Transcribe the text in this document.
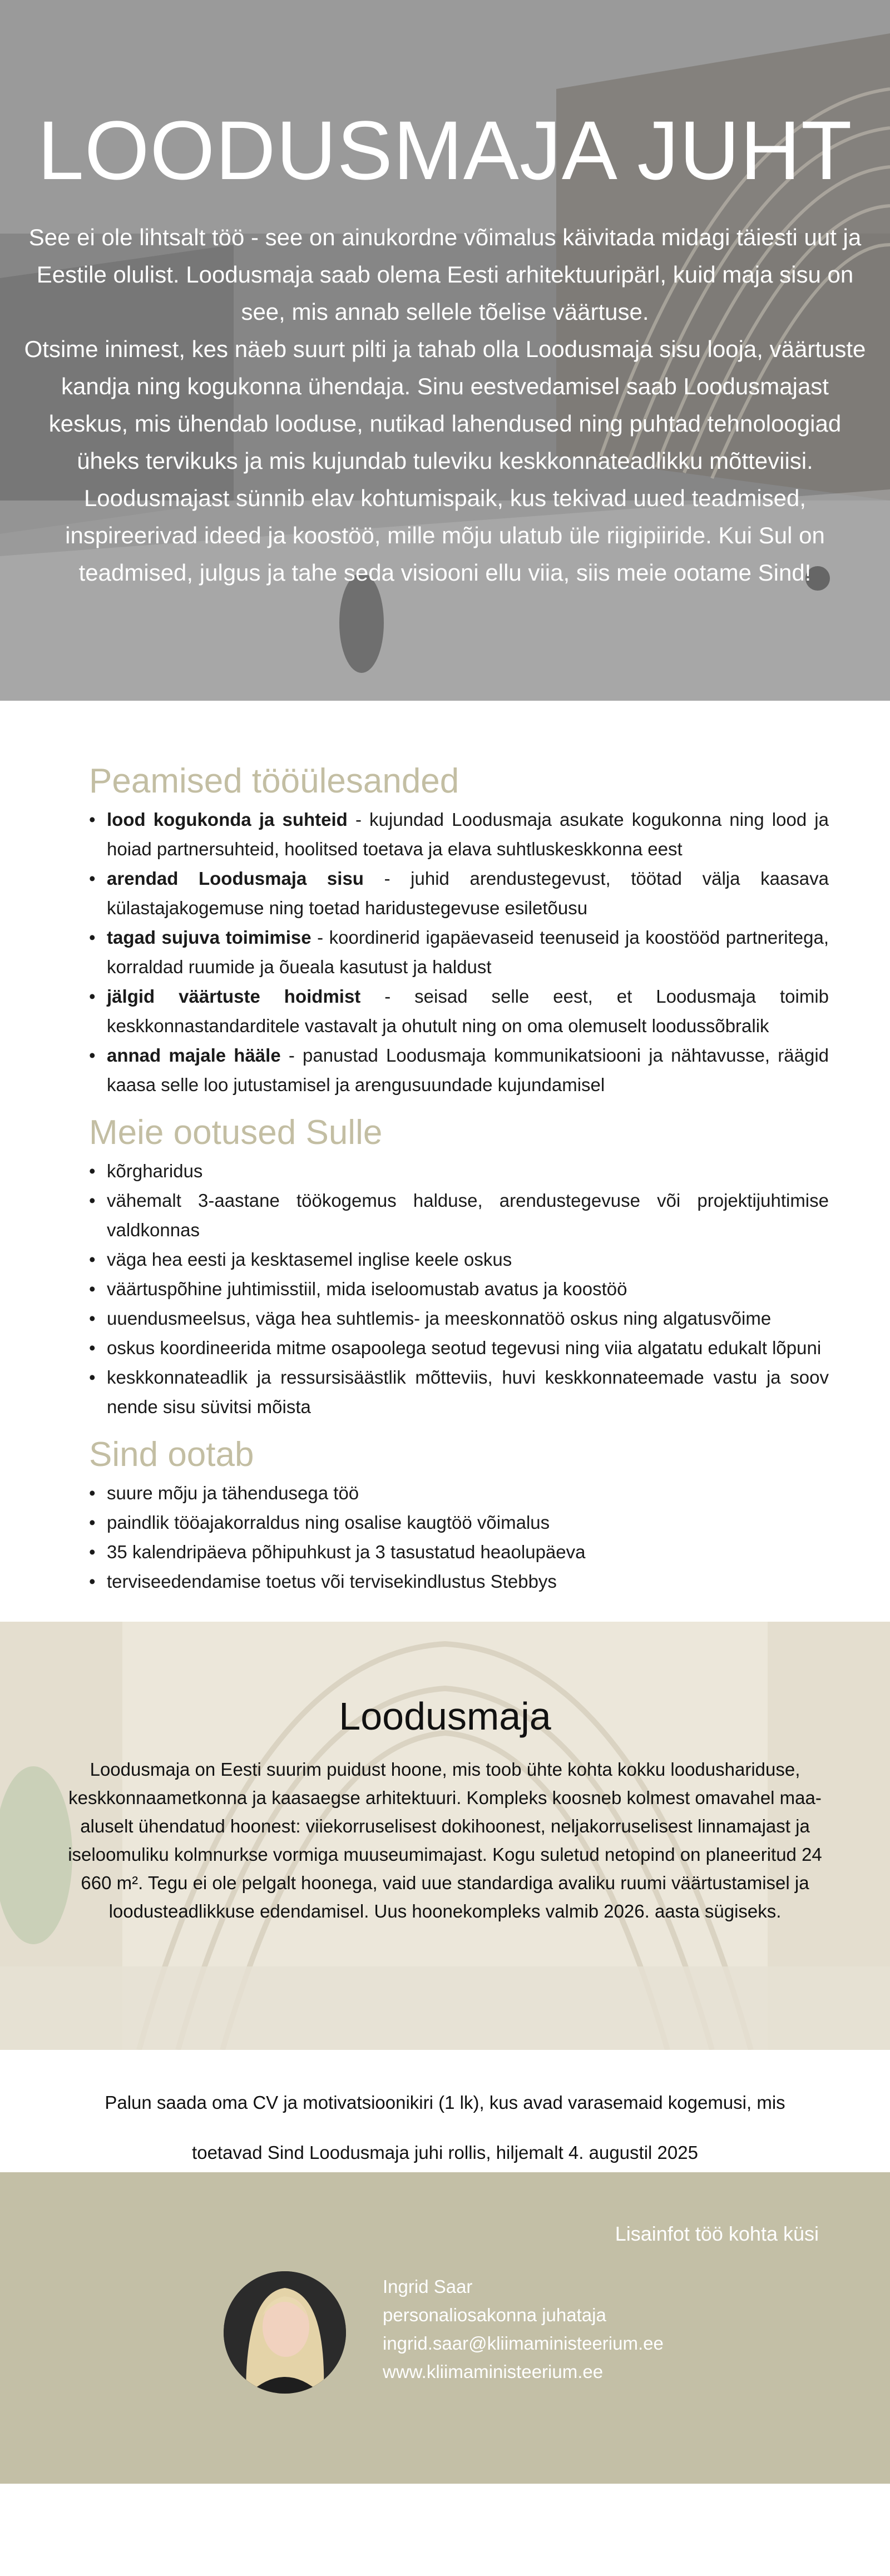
LOODUSMAJA JUHT

See ei ole lihtsalt töö - see on ainukordne võimalus käivitada midagi täiesti uut ja Eestile olulist. Loodusmaja saab olema Eesti arhitektuuripärl, kuid maja sisu on see, mis annab sellele tõelise väärtuse.

Otsime inimest, kes näeb suurt pilti ja tahab olla Loodusmaja sisu looja, väärtuste kandja ning kogukonna ühendaja. Sinu eestvedamisel saab Loodusmajast keskus, mis ühendab looduse, nutikad lahendused ning puhtad tehnoloogiad üheks tervikuks ja mis kujundab tuleviku keskkonnateadlikku mõtteviisi. Loodusmajast sünnib elav kohtumispaik, kus tekivad uued teadmised, inspireerivad ideed ja koostöö, mille mõju ulatub üle riigipiiride. Kui Sul on teadmised, julgus ja tahe seda visiooni ellu viia, siis meie ootame Sind!

Peamised tööülesanded
• lood kogukonda ja suhteid - kujundad Loodusmaja asukate kogukonna ning lood ja hoiad partnersuhteid, hoolitsed toetava ja elava suhtluskeskkonna eest
• arendad Loodusmaja sisu - juhid arendustegevust, töötad välja kaasava külastajakogemuse ning toetad haridustegevuse esiletõusu
• tagad sujuva toimimise - koordinerid igapäevaseid teenuseid ja koostööd partneritega, korraldad ruumide ja õueala kasutust ja haldust
• jälgid väärtuste hoidmist - seisad selle eest, et Loodusmaja toimib keskkonnastandarditele vastavalt ja ohutult ning on oma olemuselt loodussõbralik
• annad majale hääle - panustad Loodusmaja kommunikatsiooni ja nähtavusse, räägid kaasa selle loo jutustamisel ja arengusuundade kujundamisel
Meie ootused Sulle
• kõrgharidus
• vähemalt 3-aastane töökogemus halduse, arendustegevuse või projektijuhtimise valdkonnas
• väga hea eesti ja kesktasemel inglise keele oskus
• väärtuspõhine juhtimisstiil, mida iseloomustab avatus ja koostöö
• uuendusmeelsus, väga hea suhtlemis- ja meeskonnatöö oskus ning algatusvõime
• oskus koordineerida mitme osapoolega seotud tegevusi ning viia algatatu edukalt lõpuni
• keskkonnateadlik ja ressursisäästlik mõtteviis, huvi keskkonnateemade vastu ja soov nende sisu süvitsi mõista
Sind ootab
• suure mõju ja tähendusega töö
• paindlik tööajakorraldus ning osalise kaugtöö võimalus
• 35 kalendripäeva põhipuhkust ja 3 tasustatud heaolupäeva
• terviseedendamise toetus või tervisekindlustus Stebbys
Loodusmaja

Loodusmaja on Eesti suurim puidust hoone, mis toob ühte kohta kokku loodushariduse, keskkonnaametkonna ja kaasaegse arhitektuuri. Kompleks koosneb kolmest omavahel maa-aluselt ühendatud hoonest: viiekorruselisest dokihoonest, neljakorruselisest linnamajast ja iseloomuliku kolmnurkse vormiga muuseumimajast. Kogu suletud netopind on planeeritud 24 660 m². Tegu ei ole pelgalt hoonega, vaid uue standardiga avaliku ruumi väärtustamisel ja loodusteadlikkuse edendamisel. Uus hoonekompleks valmib 2026. aasta sügiseks.

Palun saada oma CV ja motivatsioonikiri (1 lk), kus avad varasemaid kogemusi, mis

toetavad Sind Loodusmaja juhi rollis, hiljemalt 4. augustil 2025

Lisainfot töö kohta küsi
Ingrid Saar
personaliosakonna juhataja
ingrid.saar@kliimaministeerium.ee
www.kliimaministeerium.ee
